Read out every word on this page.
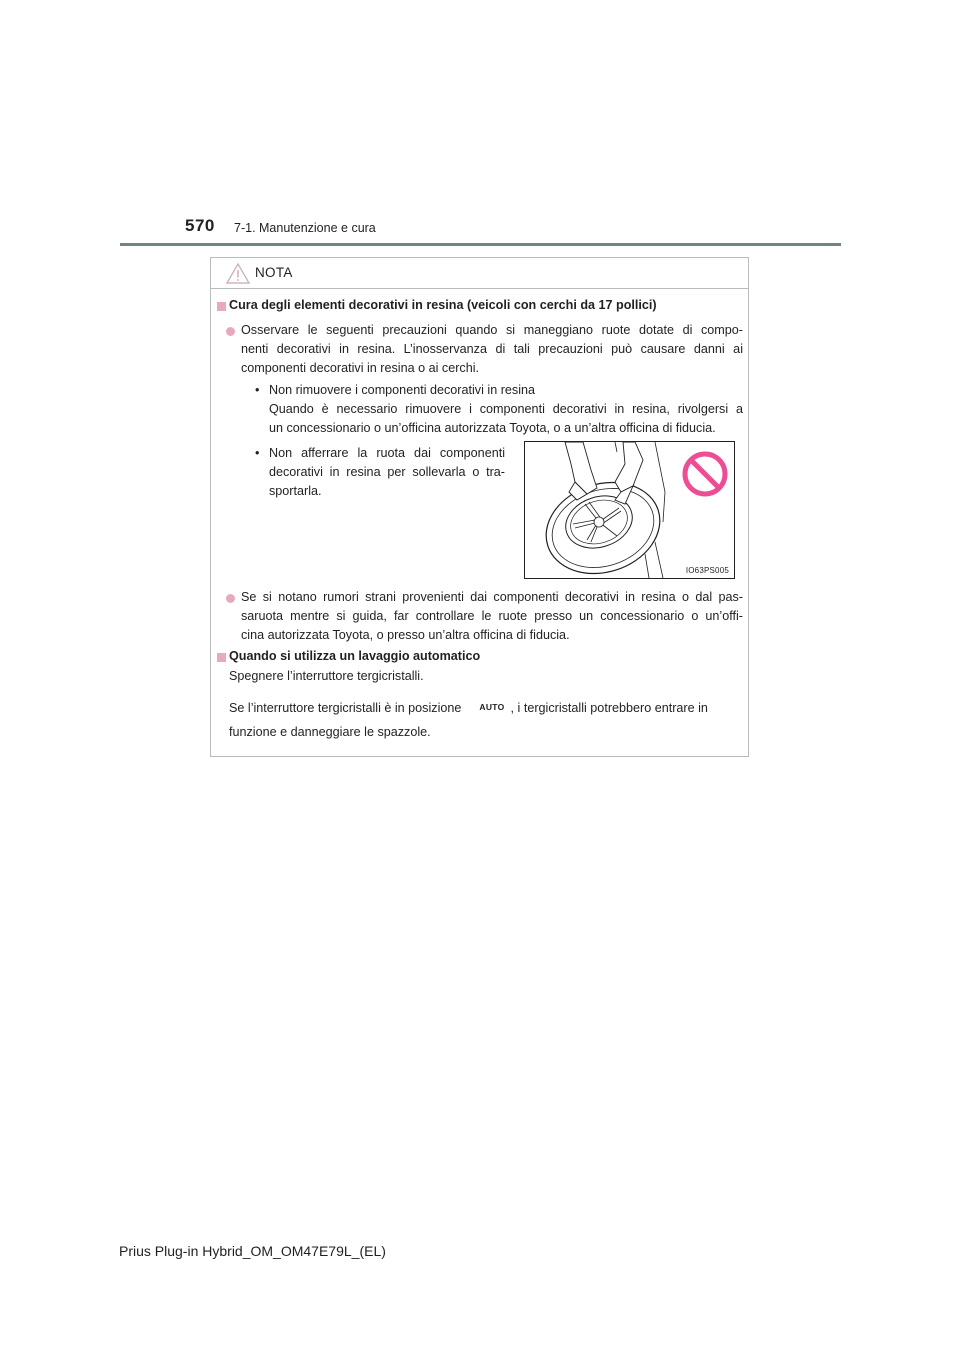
570 7-1. Manutenzione e cura
NOTA
Cura degli elementi decorativi in resina (veicoli con cerchi da 17 pollici)
Osservare le seguenti precauzioni quando si maneggiano ruote dotate di compo-
nenti decorativi in resina. L’inosservanza di tali precauzioni può causare danni ai
componenti decorativi in resina o ai cerchi.
• Non rimuovere i componenti decorativi in resina
Quando è necessario rimuovere i componenti decorativi in resina, rivolgersi a
un concessionario o un’officina autorizzata Toyota, o a un’altra officina di fiducia.
• Non afferrare la ruota dai componenti
decorativi in resina per sollevarla o tra-
sportarla.
Se si notano rumori strani provenienti dai componenti decorativi in resina o dal pas-
saruota mentre si guida, far controllare le ruote presso un concessionario o un’offi-
cina autorizzata Toyota, o presso un’altra officina di fiducia.
Quando si utilizza un lavaggio automatico
Spegnere l’interruttore tergicristalli.
Se l’interruttore tergicristalli è in posizione AUTO , i tergicristalli potrebbero entrare in
funzione e danneggiare le spazzole.
IO63PS005
Prius Plug-in Hybrid_OM_OM47E79L_(EL)
